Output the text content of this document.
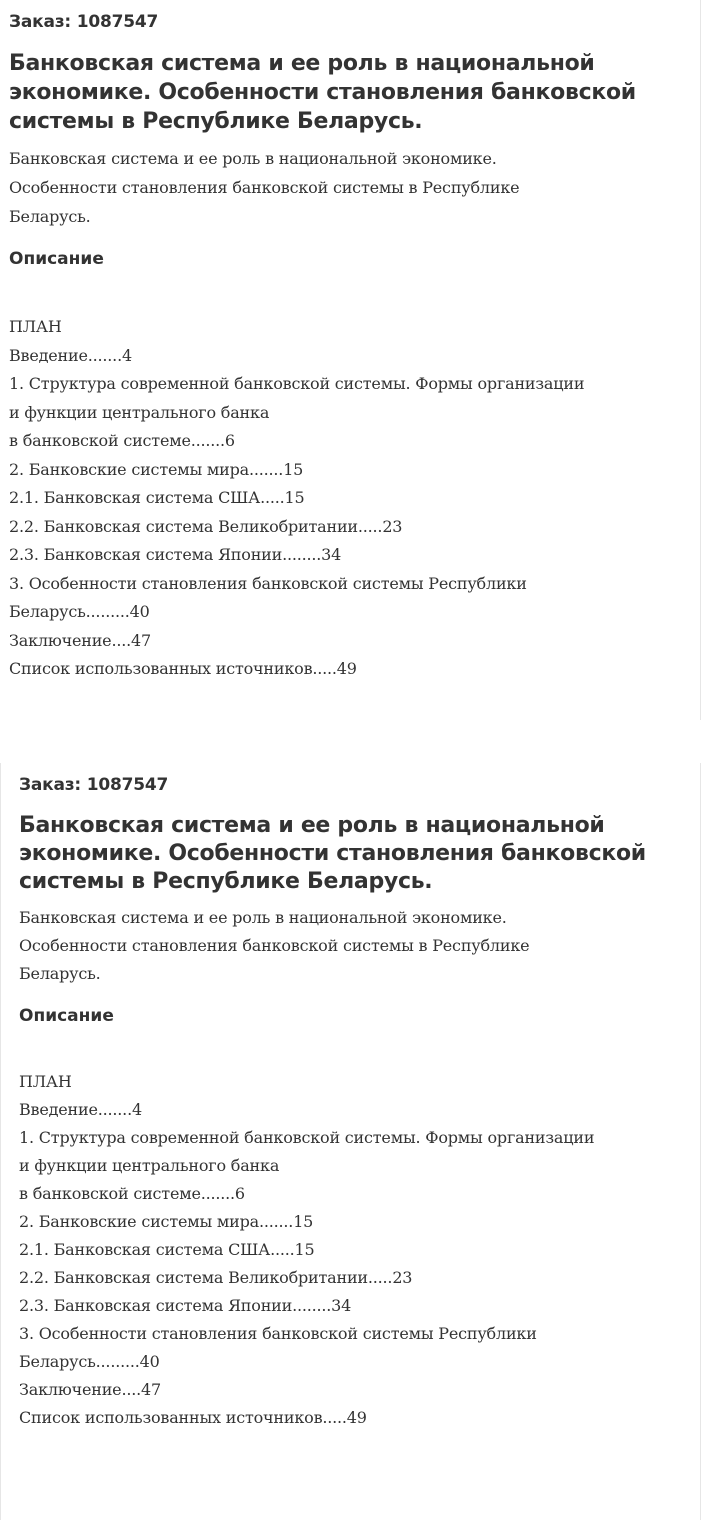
Заказ: 1087547
Банковская система и ее роль в национальной
экономике. Особенности становления банковской
системы в Республике Беларусь.
Банковская система и ее роль в национальной экономике.
Особенности становления банковской системы в Республике
Беларусь.
Описание
ПЛАН
Введение.......4
1. Структура современной банковской системы. Формы организации
и функции центрального банка
в банковской системе.......6
2. Банковские системы мира.......15
2.1. Банковская система США.....15
2.2. Банковская система Великобритании.....23
2.3. Банковская система Японии........34
3. Особенности становления банковской системы Республики
Беларусь.........40
Заключение....47
Список использованных источников.....49
Заказ: 1087547
Банковская система и ее роль в национальной
экономике. Особенности становления банковской
системы в Республике Беларусь.
Банковская система и ее роль в национальной экономике.
Особенности становления банковской системы в Республике
Беларусь.
Описание
ПЛАН
Введение.......4
1. Структура современной банковской системы. Формы организации
и функции центрального банка
в банковской системе.......6
2. Банковские системы мира.......15
2.1. Банковская система США.....15
2.2. Банковская система Великобритании.....23
2.3. Банковская система Японии........34
3. Особенности становления банковской системы Республики
Беларусь.........40
Заключение....47
Список использованных источников.....49
